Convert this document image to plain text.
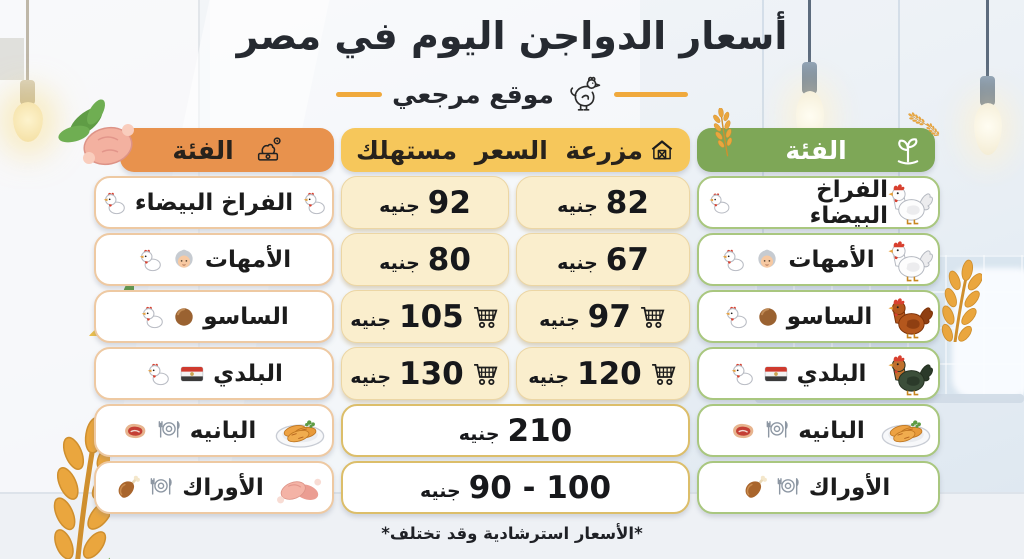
أسعار الدواجن اليوم في مصر
موقع مرجعي
الفئة
مزرعة
السعر
مستهلك
الفئة
الفراخ البيضاء
82
جنيه
92
جنيه
الفراخ البيضاء
الأمهات
67
جنيه
80
جنيه
الأمهات
الساسو
97
جنيه
105
جنيه
الساسو
البلدي
120
جنيه
130
جنيه
البلدي
البانيه
210
جنيه
البانيه
الأوراك
90 - 100
جنيه
الأوراك
*الأسعار استرشادية وقد تختلف*
